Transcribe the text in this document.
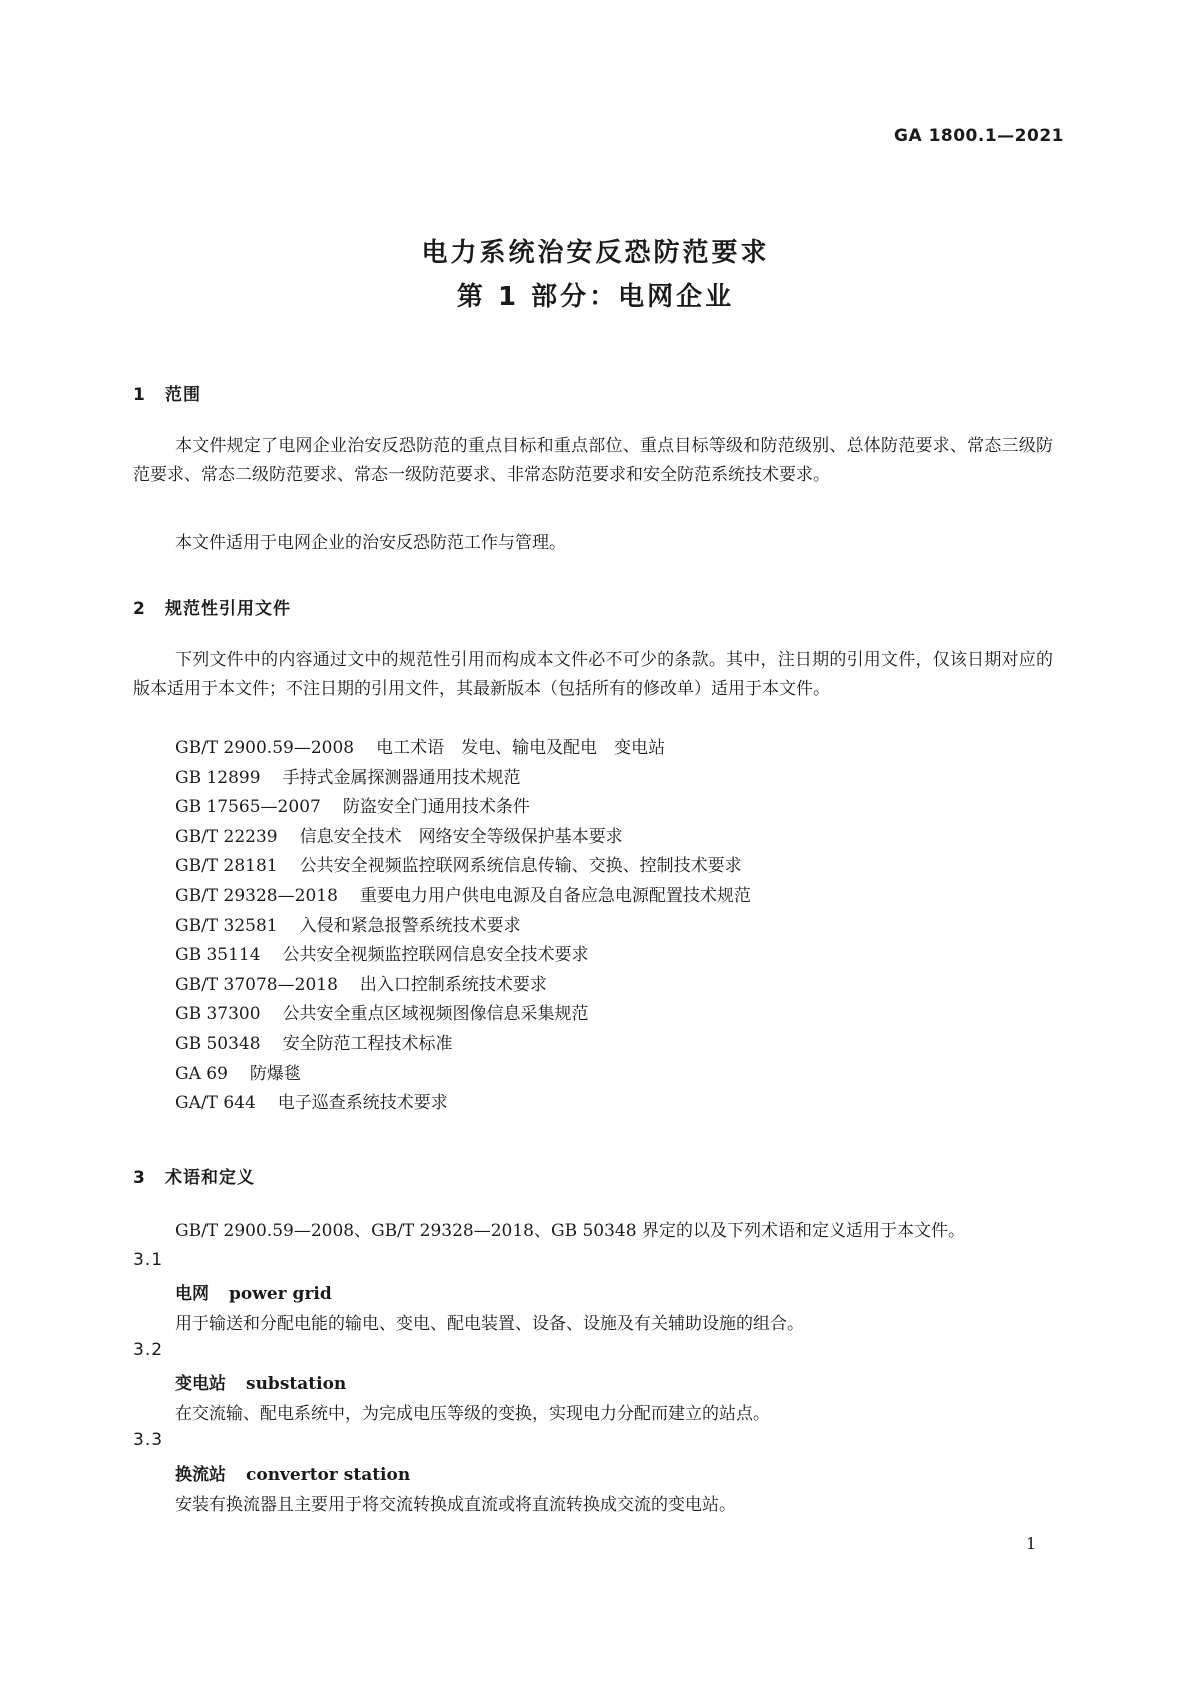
GA 1800.1—2021
电力系统治安反恐防范要求
第 1 部分：电网企业
1 范围

本文件规定了电网企业治安反恐防范的重点目标和重点部位、重点目标等级和防范级别、总体防范要求、常态三级防范要求、常态二级防范要求、常态一级防范要求、非常态防范要求和安全防范系统技术要求。

本文件适用于电网企业的治安反恐防范工作与管理。

2 规范性引用文件

下列文件中的内容通过文中的规范性引用而构成本文件必不可少的条款。其中，注日期的引用文件，仅该日期对应的版本适用于本文件；不注日期的引用文件，其最新版本（包括所有的修改单）适用于本文件。

GB/T 2900.59—2008 电工术语　发电、输电及配电　变电站
GB 12899 手持式金属探测器通用技术规范
GB 17565—2007 防盗安全门通用技术条件
GB/T 22239 信息安全技术　网络安全等级保护基本要求
GB/T 28181 公共安全视频监控联网系统信息传输、交换、控制技术要求
GB/T 29328—2018 重要电力用户供电电源及自备应急电源配置技术规范
GB/T 32581 入侵和紧急报警系统技术要求
GB 35114 公共安全视频监控联网信息安全技术要求
GB/T 37078—2018 出入口控制系统技术要求
GB 37300 公共安全重点区域视频图像信息采集规范
GB 50348 安全防范工程技术标准
GA 69 防爆毯
GA/T 644 电子巡查系统技术要求
3 术语和定义

GB/T 2900.59—2008、GB/T 29328—2018、GB 50348 界定的以及下列术语和定义适用于本文件。

3.1
电网 power grid
用于输送和分配电能的输电、变电、配电装置、设备、设施及有关辅助设施的组合。
3.2
变电站 substation
在交流输、配电系统中，为完成电压等级的变换，实现电力分配而建立的站点。
3.3
换流站 convertor station
安装有换流器且主要用于将交流转换成直流或将直流转换成交流的变电站。
1
